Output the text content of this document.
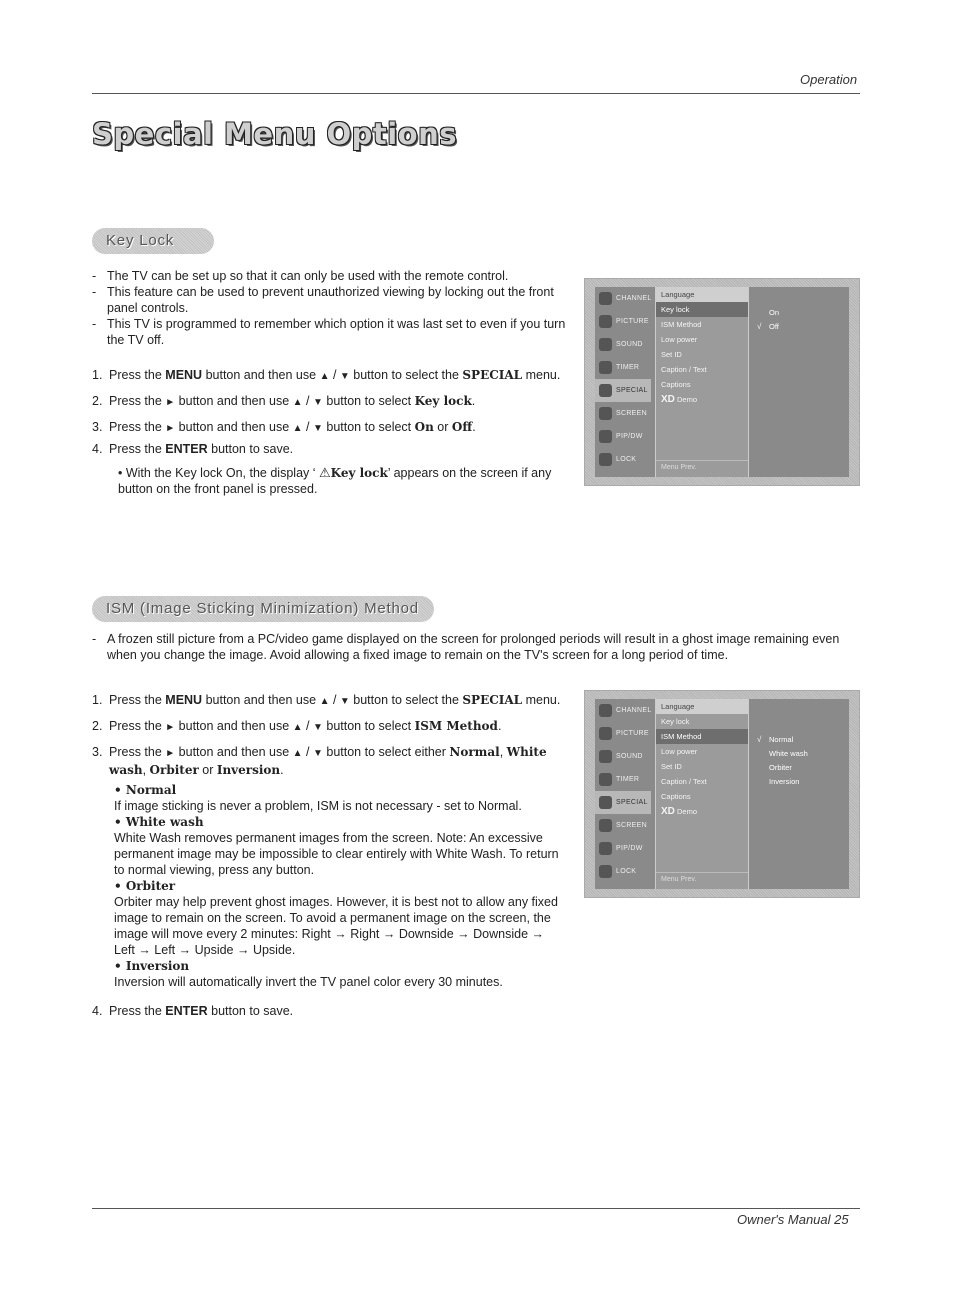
Operation
Special Menu Options
Key Lock
- The TV can be set up so that it can only be used with the remote control.
- This feature can be used to prevent unauthorized viewing by locking out the front panel controls.
- This TV is programmed to remember which option it was last set to even if you turn the TV off.
1. Press the MENU button and then use ▲ / ▼ button to select the SPECIAL menu.
2. Press the ► button and then use ▲ / ▼ button to select Key lock.
3. Press the ► button and then use ▲ / ▼ button to select On or Off.
4. Press the ENTER button to save.
• With the Key lock On, the display ‘ ⚠Key lock’ appears on the screen if any button on the front panel is pressed.
CHANNEL
PICTURE
SOUND
TIMER
SPECIAL
SCREEN
PIP/DW
LOCK
Language
Key lock
ISM Method
Low power
Set ID
Caption / Text
Captions
XD Demo
Menu Prev.
On
√ Off
ISM (Image Sticking Minimization) Method
- A frozen still picture from a PC/video game displayed on the screen for prolonged periods will result in a ghost image remaining even when you change the image. Avoid allowing a fixed image to remain on the TV's screen for a long period of time.
1. Press the MENU button and then use ▲ / ▼ button to select the SPECIAL menu.
2. Press the ► button and then use ▲ / ▼ button to select ISM Method.
3. Press the ► button and then use ▲ / ▼ button to select either Normal, White wash, Orbiter or Inversion.
• Normal
If image sticking is never a problem, ISM is not necessary - set to Normal.
• White wash
White Wash removes permanent images from the screen. Note: An excessive permanent image may be impossible to clear entirely with White Wash. To return to normal viewing, press any button.
• Orbiter
Orbiter may help prevent ghost images. However, it is best not to allow any fixed image to remain on the screen. To avoid a permanent image on the screen, the image will move every 2 minutes: Right → Right → Downside → Downside → Left → Left → Upside → Upside.
• Inversion
Inversion will automatically invert the TV panel color every 30 minutes.
4. Press the ENTER button to save.
CHANNEL
PICTURE
SOUND
TIMER
SPECIAL
SCREEN
PIP/DW
LOCK
Language
Key lock
ISM Method
Low power
Set ID
Caption / Text
Captions
XD Demo
Menu Prev.
√ Normal
White wash
Orbiter
Inversion
Owner's Manual 25
